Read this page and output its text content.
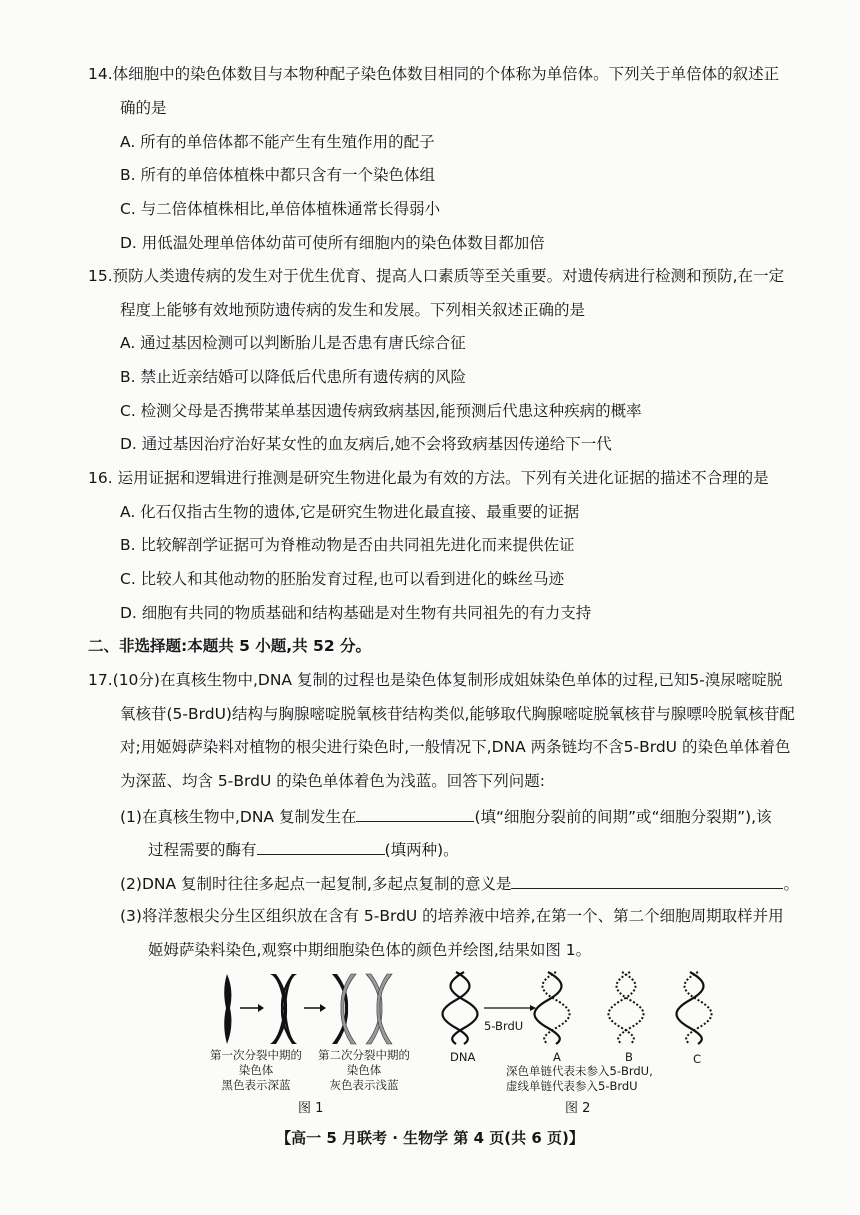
14.体细胞中的染色体数目与本物种配子染色体数目相同的个体称为单倍体。下列关于单倍体的叙述正
确的是
A. 所有的单倍体都不能产生有生殖作用的配子
B. 所有的单倍体植株中都只含有一个染色体组
C. 与二倍体植株相比,单倍体植株通常长得弱小
D. 用低温处理单倍体幼苗可使所有细胞内的染色体数目都加倍
15.预防人类遗传病的发生对于优生优育、提高人口素质等至关重要。对遗传病进行检测和预防,在一定
程度上能够有效地预防遗传病的发生和发展。下列相关叙述正确的是
A. 通过基因检测可以判断胎儿是否患有唐氏综合征
B. 禁止近亲结婚可以降低后代患所有遗传病的风险
C. 检测父母是否携带某单基因遗传病致病基因,能预测后代患这种疾病的概率
D. 通过基因治疗治好某女性的血友病后,她不会将致病基因传递给下一代
16. 运用证据和逻辑进行推测是研究生物进化最为有效的方法。下列有关进化证据的描述不合理的是
A. 化石仅指古生物的遗体,它是研究生物进化最直接、最重要的证据
B. 比较解剖学证据可为脊椎动物是否由共同祖先进化而来提供佐证
C. 比较人和其他动物的胚胎发育过程,也可以看到进化的蛛丝马迹
D. 细胞有共同的物质基础和结构基础是对生物有共同祖先的有力支持
二、非选择题:本题共 5 小题,共 52 分。
17.(10分)在真核生物中,DNA 复制的过程也是染色体复制形成姐妹染色单体的过程,已知5-溴尿嘧啶脱
氧核苷(5-BrdU)结构与胸腺嘧啶脱氧核苷结构类似,能够取代胸腺嘧啶脱氧核苷与腺嘌呤脱氧核苷配
对;用姬姆萨染料对植物的根尖进行染色时,一般情况下,DNA 两条链均不含5-BrdU 的染色单体着色
为深蓝、均含 5-BrdU 的染色单体着色为浅蓝。回答下列问题:
(1)在真核生物中,DNA 复制发生在	(填“细胞分裂前的间期”或“细胞分裂期”),该
过程需要的酶有	(填两种)。
(2)DNA 复制时往往多起点一起复制,多起点复制的意义是	。
(3)将洋葱根尖分生区组织放在含有 5-BrdU 的培养液中培养,在第一个、第二个细胞周期取样并用
姬姆萨染料染色,观察中期细胞染色体的颜色并绘图,结果如图 1。
第一次分裂中期的
染色体
黑色表示深蓝
第二次分裂中期的
染色体
灰色表示浅蓝
图 1
5-BrdU
DNA	A	B	C
深色单链代表未参入5-BrdU,
虚线单链代表参入5-BrdU
图 2
【高一 5 月联考 · 生物学 第 4 页(共 6 页)】
